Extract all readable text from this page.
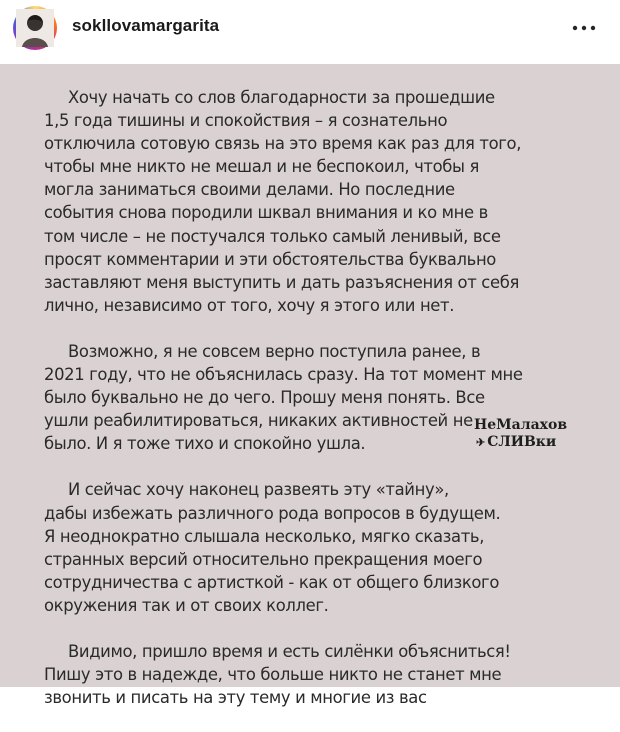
sokllovamargarita

Хочу начать со слов благодарности за прошедшие
1,5 года тишины и спокойствия – я сознательно
отключила сотовую связь на это время как раз для того,
чтобы мне никто не мешал и не беспокоил, чтобы я
могла заниматься своими делами. Но последние
события снова породили шквал внимания и ко мне в
том числе – не постучался только самый ленивый, все
просят комментарии и эти обстоятельства буквально
заставляют меня выступить и дать разъяснения от себя
лично, независимо от того, хочу я этого или нет.

Возможно, я не совсем верно поступила ранее, в
2021 году, что не объяснилась сразу. На тот момент мне
было буквально не до чего. Прошу меня понять. Все
ушли реабилитироваться, никаких активностей не
было. И я тоже тихо и спокойно ушла.

И сейчас хочу наконец развеять эту «тайну»,
дабы избежать различного рода вопросов в будущем.
Я неоднократно слышала несколько, мягко сказать,
странных версий относительно прекращения моего
сотрудничества с артисткой - как от общего близкого
окружения так и от своих коллег.

Видимо, пришло время и есть силёнки объясниться!
Пишу это в надежде, что больше никто не станет мне
звонить и писать на эту тему и многие из вас

НеМалахов
✈ СЛИВки
